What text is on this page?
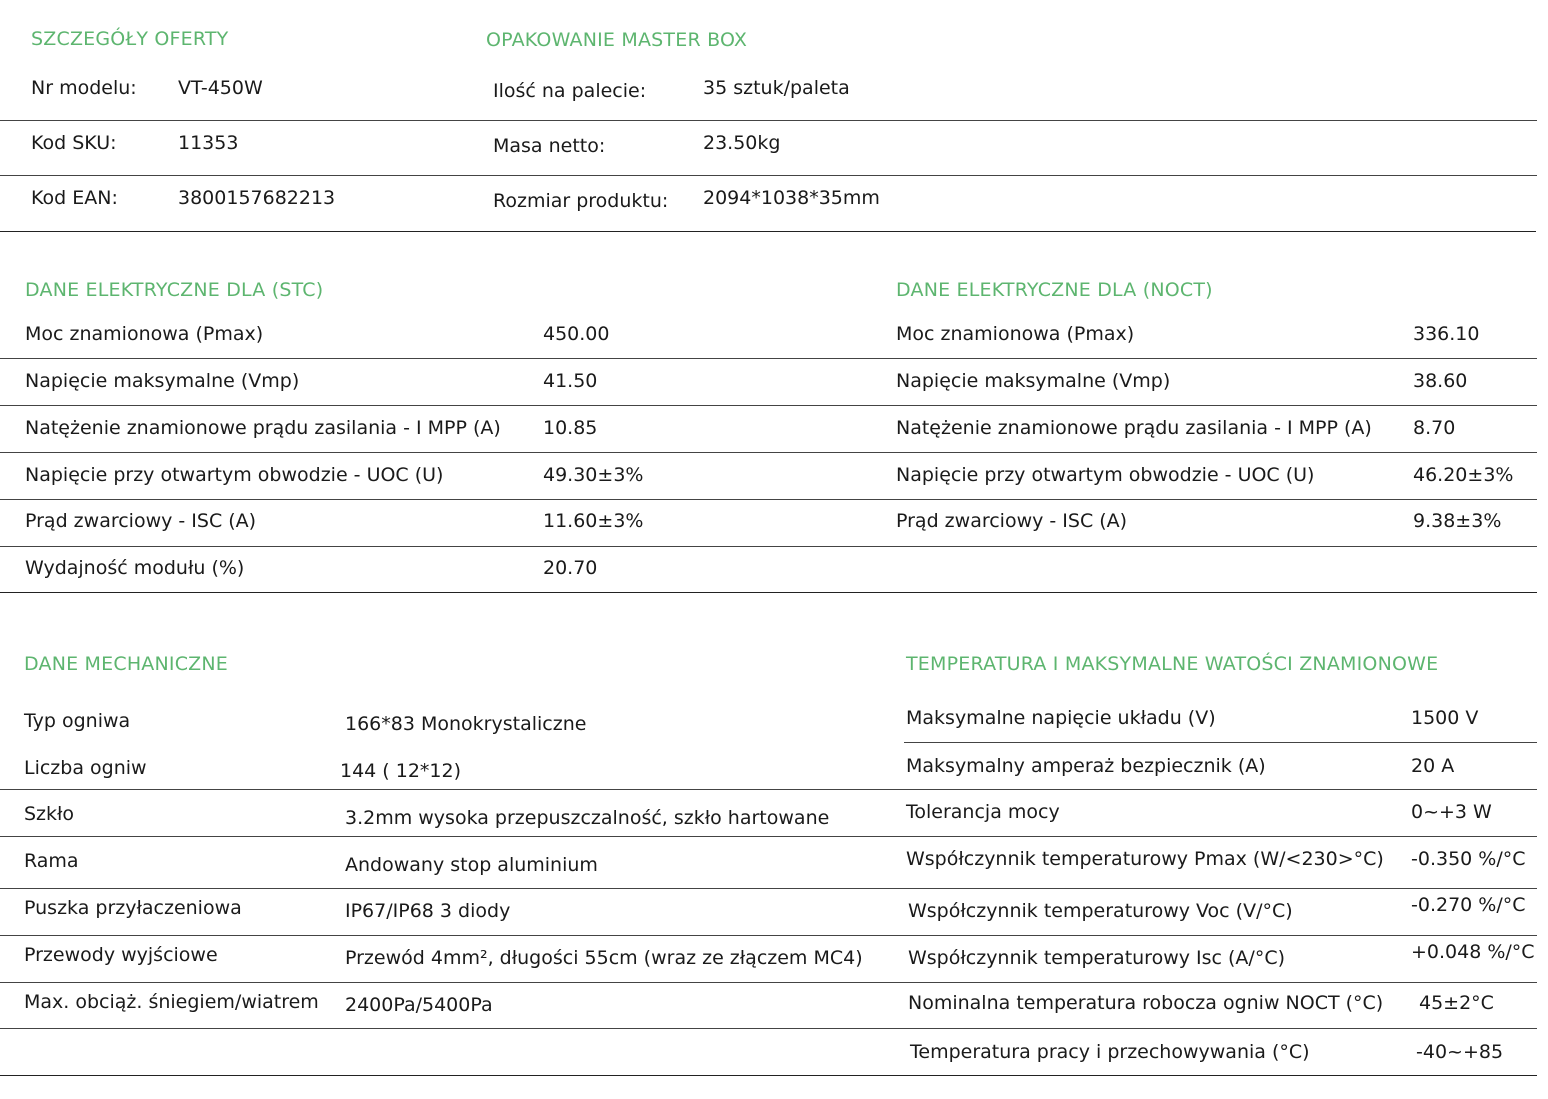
SZCZEGÓŁY OFERTY
Nr modelu: VT-450W
Kod SKU:	11353
Kod EAN:	3800157682213
OPAKOWANIE MASTER BOX
Ilość na palecie:	35 sztuk/paleta
Masa netto:	23.50kg
Rozmiar produktu: 2094*1038*35mm
DANE ELEKTRYCZNE DLA (STC)
Moc znamionowa (Pmax)	450.00
Napięcie maksymalne (Vmp)	41.50
Natężenie znamionowe prądu zasilania - I MPP (A) 10.85
Napięcie przy otwartym obwodzie - UOC (U)	49.30±3%
Prąd zwarciowy - ISC (A)	11.60±3%
Wydajność modułu (%)	20.70
DANE ELEKTRYCZNE DLA (NOCT)
Moc znamionowa (Pmax)	336.10
Napięcie maksymalne (Vmp)	38.60
Natężenie znamionowe prądu zasilania - I MPP (A) 8.70
Napięcie przy otwartym obwodzie - UOC (U)	46.20±3%
Prąd zwarciowy - ISC (A)	9.38±3%
DANE MECHANICZNE
Typ ogniwa	166*83 Monokrystaliczne
Liczba ogniw	144 ( 12*12)
Szkło	3.2mm wysoka przepuszczalność, szkło hartowane
Rama	Andowany stop aluminium
Puszka przyłaczeniowa	IP67/IP68 3 diody
Przewody wyjściowe	Przewód 4mm², długości 55cm (wraz ze złączem MC4)
Max. obciąż. śniegiem/wiatrem 2400Pa/5400Pa
TEMPERATURA I MAKSYMALNE WATOŚCI ZNAMIONOWE
Maksymalne napięcie układu (V)	1500 V
Maksymalny amperaż bezpiecznik (A)	20 A
Tolerancja mocy	0~+3 W
Współczynnik temperaturowy Pmax (W/<230>°C) -0.350 %/°C
Współczynnik temperaturowy Voc (V/°C)	-0.270 %/°C
Współczynnik temperaturowy Isc (A/°C)	+0.048 %/°C
Nominalna temperatura robocza ogniw NOCT (°C) 45±2°C
Temperatura pracy i przechowywania (°C)	-40~+85
